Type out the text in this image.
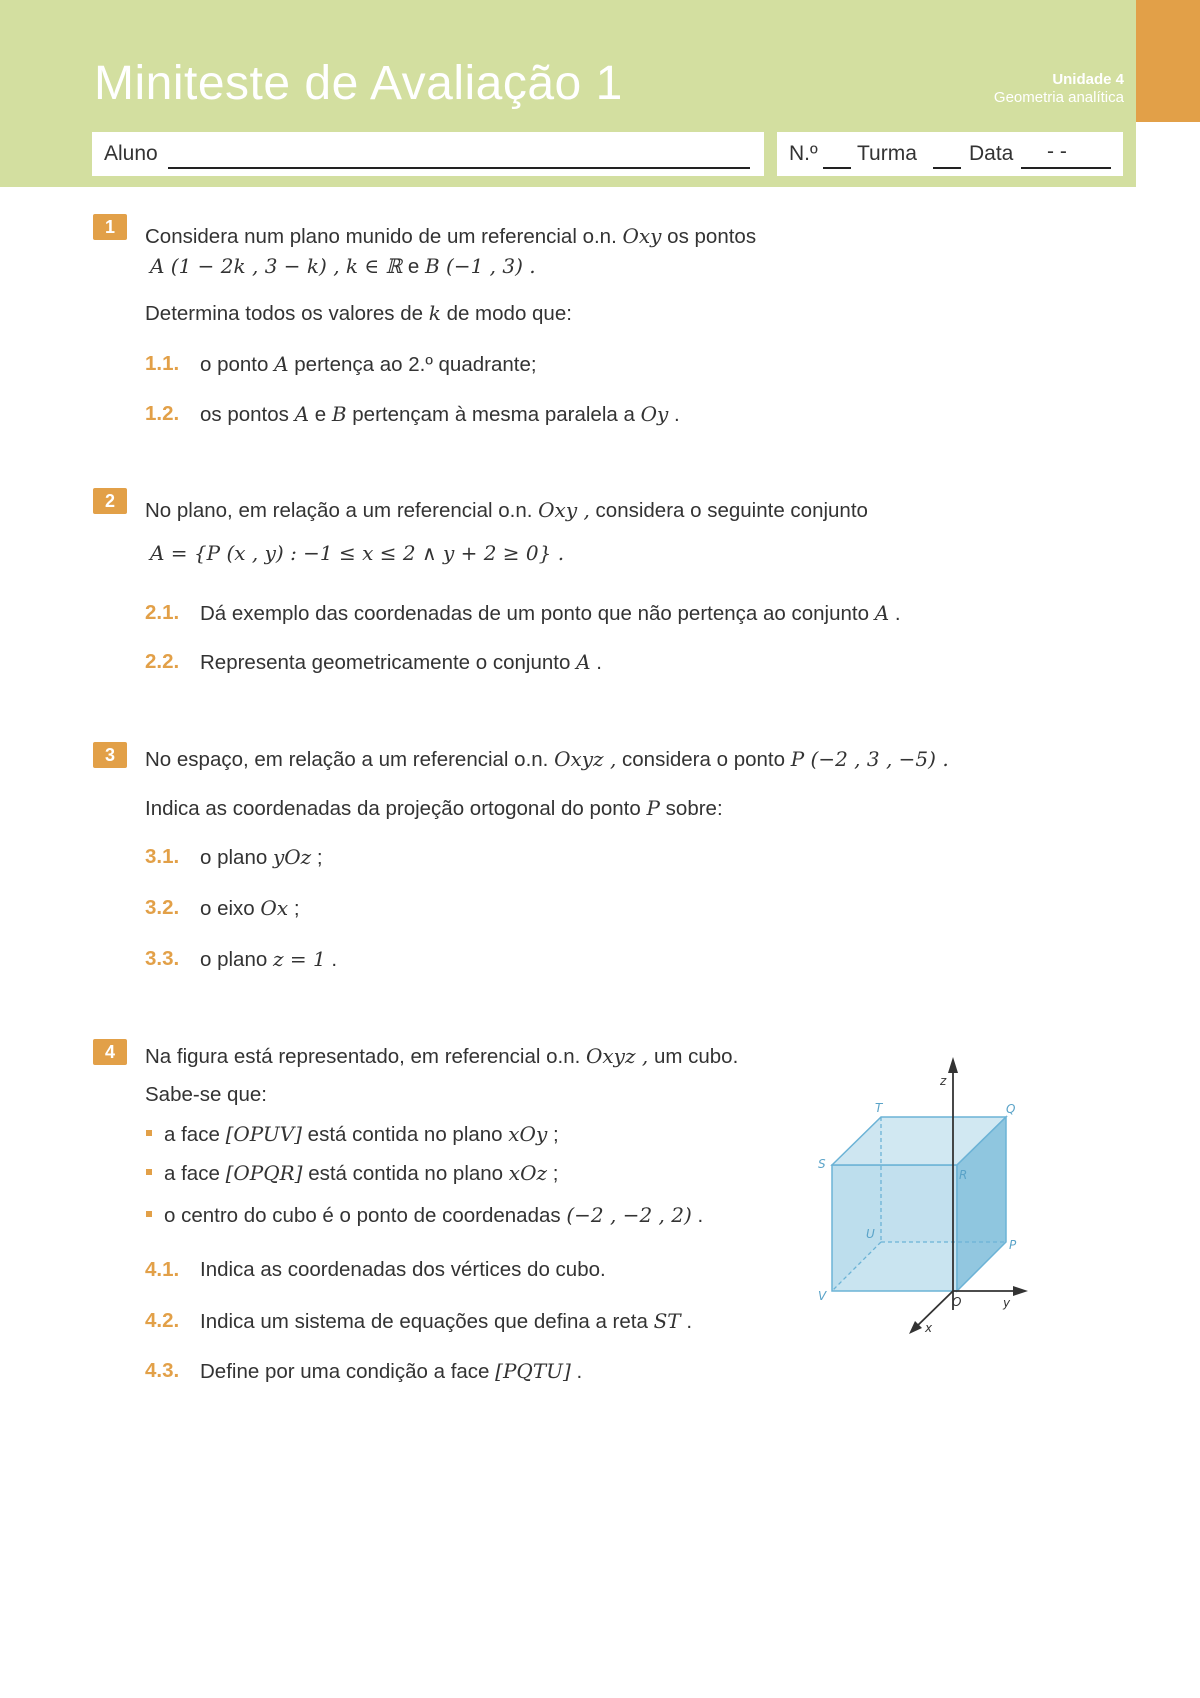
Miniteste de Avaliação 1	Unidade 4
Geometria analítica
Aluno	N.º Turma Data - -
1	Considera num plano munido de um referencial o.n. Oxy os pontos
A (1 − 2k , 3 − k) , k ∈ ℝ e B (−1 , 3) .
Determina todos os valores de k de modo que:
1.1. o ponto A pertença ao 2.º quadrante;
1.2. os pontos A e B pertençam à mesma paralela a Oy .
2	No plano, em relação a um referencial o.n. Oxy , considera o seguinte conjunto
A = {P (x , y) : −1 ≤ x ≤ 2 ∧ y + 2 ≥ 0} .
2.1. Dá exemplo das coordenadas de um ponto que não pertença ao conjunto A .
2.2. Representa geometricamente o conjunto A .
3	No espaço, em relação a um referencial o.n. Oxyz , considera o ponto P (−2 , 3 , −5) .
Indica as coordenadas da projeção ortogonal do ponto P sobre:
3.1. o plano yOz ;
3.2. o eixo Ox ;
3.3. o plano z = 1 .
4	Na figura está representado, em referencial o.n. Oxyz , um cubo.
Sabe-se que:
a face [OPUV] está contida no plano xOy ;
a face [OPQR] está contida no plano xOz ;
o centro do cubo é o ponto de coordenadas (−2 , −2 , 2) .
4.1. Indica as coordenadas dos vértices do cubo.
4.2. Indica um sistema de equações que defina a reta ST .
4.3. Define por uma condição a face [PQTU] .
z
y
x
O
T	Q
S
R
U
P
V
